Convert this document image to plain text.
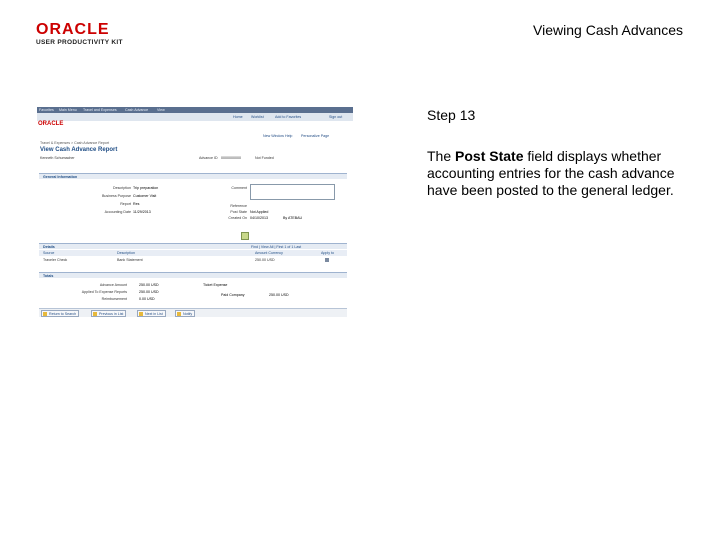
ORACLE
USER PRODUCTIVITY KIT
Viewing Cash Advances
Favorites Main Menu Travel and Expenses Cash Advance View
Home Worklist	Add to Favorites	Sign out
ORACLE
New Window Help Personalize Page
Travel & Expenses > Cash Advance Report
View Cash Advance Report
Kenneth Schumacher	Advance ID 0000000000	Not Funded
General Information
Description Trip preparation
Business Purpose Customer Visit
Report Res
Accounting Date 11/29/2013
Comment
Reference
Post State Not Applied
Created On 04/10/2013	By ATEBAU
Details	Find | View All | First 1 of 1 Last
Source	Description	Amount Currency	Apply to
Traveler Check	Bank Statement	250.00 USD
Totals
Advance Amount	250.00 USD
Applied To Expense Reports	250.00 USD
Reimbursement	0.00 USD
Ticket Expense
Paid Company	250.00 USD
Return to Search	Previous in List	Next in List	Notify
Step 13
The Post State field displays whether accounting entries for the cash advance have been posted to the general ledger.
